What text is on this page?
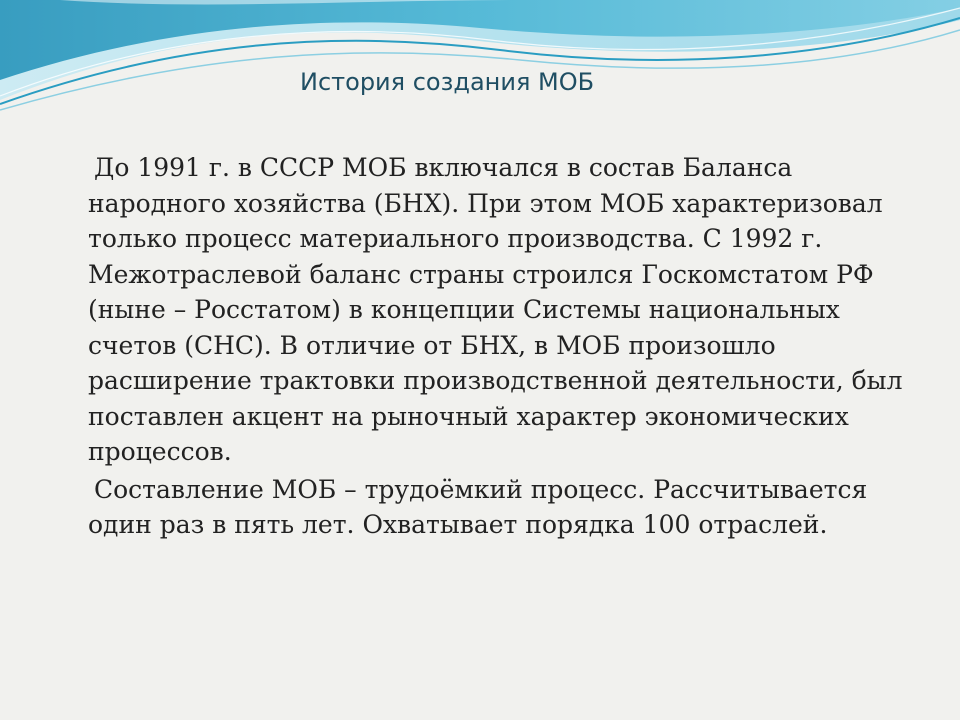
История создания МОБ

До 1991 г. в СССР МОБ включался в состав Баланса народного хозяйства (БНХ). При этом МОБ характеризовал только процесс материального производства. С 1992 г. Межотраслевой баланс страны строился Госкомстатом РФ (ныне – Росстатом) в концепции Системы национальных счетов (СНС). В отличие от БНХ, в МОБ произошло расширение трактовки производственной деятельности, был поставлен акцент на рыночный характер экономических процессов.

Составление МОБ – трудоёмкий процесс. Рассчитывается один раз в пять лет. Охватывает порядка 100 отраслей.
